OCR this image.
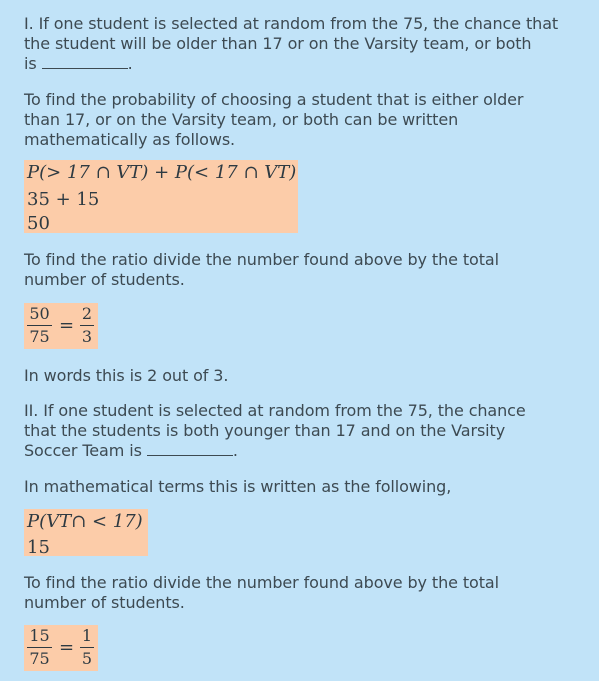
I. If one student is selected at random from the 75, the chance that
the student will be older than 17 or on the Varsity team, or both
is	.
To find the probability of choosing a student that is either older
than 17, or on the Varsity team, or both can be written
mathematically as follows.
P(> 17 ∩ VT) + P(< 17 ∩ VT)
35 + 15
50
To find the ratio divide the number found above by the total
number of students.
50
75
=
2
3
In words this is 2 out of 3.
II. If one student is selected at random from the 75, the chance
that the students is both younger than 17 and on the Varsity
Soccer Team is	.
In mathematical terms this is written as the following,
P(VT∩ < 17)
15
To find the ratio divide the number found above by the total
number of students.
15
75
=
1
5
